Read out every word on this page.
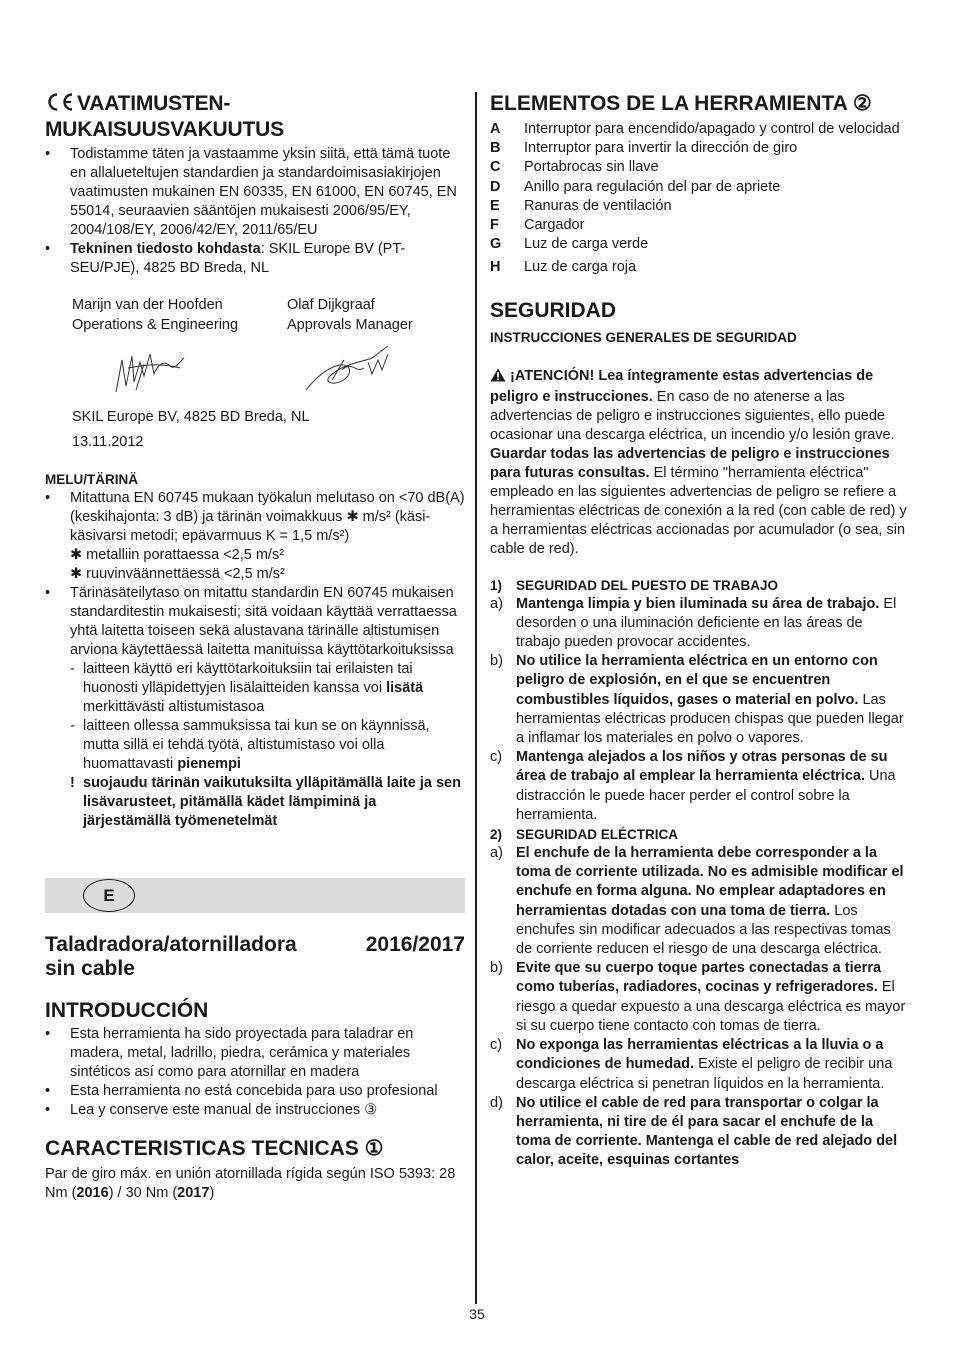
VAATIMUSTEN-
MUKAISUUSVAKUUTUS
• Todistamme täten ja vastaamme yksin siitä, että tämä tuote en allalueteltujen standardien ja standardoimisasiakirjojen vaatimusten mukainen EN 60335, EN 61000, EN 60745, EN 55014, seuraavien sääntöjen mukaisesti 2006/95/EY, 2004/108/EY, 2006/42/EY, 2011/65/EU
• Tekninen tiedosto kohdasta: SKIL Europe BV (PT-SEU/PJE), 4825 BD Breda, NL
Marijn van der Hoofden
Operations & Engineering
Olaf Dijkgraaf
Approvals Manager
SKIL Europe BV, 4825 BD Breda, NL
13.11.2012
MELU/TÄRINÄ
• Mitattuna EN 60745 mukaan työkalun melutaso on <70 dB(A) (keskihajonta: 3 dB) ja tärinän voimakkuus ✱ m/s² (käsi-käsivarsi metodi; epävarmuus K = 1,5 m/s²)
✱ metalliin porattaessa <2,5 m/s²
✱ ruuvinväännettäessä <2,5 m/s²
• Tärinäsäteilytaso on mitattu standardin EN 60745 mukaisen standarditestin mukaisesti; sitä voidaan käyttää verrattaessa yhtä laitetta toiseen sekä alustavana tärinälle altistumisen arviona käytettäessä laitetta manituissa käyttötarkoituksissa
- laitteen käyttö eri käyttötarkoituksiin tai erilaisten tai huonosti ylläpidettyjen lisälaitteiden kanssa voi lisätä merkittävästi altistumistasoa
- laitteen ollessa sammuksissa tai kun se on käynnissä, mutta sillä ei tehdä työtä, altistumistaso voi olla huomattavasti pienempi
! suojaudu tärinän vaikutuksilta ylläpitämällä laite ja sen lisävarusteet, pitämällä kädet lämpiminä ja järjestämällä työmenetelmät
E
Taladradora/atornilladora	2016/2017
sin cable
INTRODUCCIÓN
• Esta herramienta ha sido proyectada para taladrar en madera, metal, ladrillo, piedra, cerámica y materiales sintéticos así como para atornillar en madera
• Esta herramienta no está concebida para uso profesional
• Lea y conserve este manual de instrucciones ③
CARACTERISTICAS TECNICAS ①

Par de giro máx. en unión atornillada rígida según ISO 5393: 28 Nm (2016) / 30 Nm (2017)

ELEMENTOS DE LA HERRAMIENTA ②
A Interruptor para encendido/apagado y control de velocidad
B Interruptor para invertir la dirección de giro
C Portabrocas sin llave
D Anillo para regulación del par de apriete
E Ranuras de ventilación
F Cargador
G Luz de carga verde
H Luz de carga roja
SEGURIDAD
INSTRUCCIONES GENERALES DE SEGURIDAD

¡ATENCIÓN! Lea íntegramente estas advertencias de peligro e instrucciones. En caso de no atenerse a las advertencias de peligro e instrucciones siguientes, ello puede ocasionar una descarga eléctrica, un incendio y/o lesión grave. Guardar todas las advertencias de peligro e instrucciones para futuras consultas. El término "herramienta eléctrica" empleado en las siguientes advertencias de peligro se refiere a herramientas eléctricas de conexión a la red (con cable de red) y a herramientas eléctricas accionadas por acumulador (o sea, sin cable de red).

1) SEGURIDAD DEL PUESTO DE TRABAJO
a) Mantenga limpia y bien iluminada su área de trabajo. El desorden o una iluminación deficiente en las áreas de trabajo pueden provocar accidentes.
b) No utilice la herramienta eléctrica en un entorno con peligro de explosión, en el que se encuentren combustibles líquidos, gases o material en polvo. Las herramientas eléctricas producen chispas que pueden llegar a inflamar los materiales en polvo o vapores.
c) Mantenga alejados a los niños y otras personas de su área de trabajo al emplear la herramienta eléctrica. Una distracción le puede hacer perder el control sobre la herramienta.
2) SEGURIDAD ELÉCTRICA
a) El enchufe de la herramienta debe corresponder a la toma de corriente utilizada. No es admisible modificar el enchufe en forma alguna. No emplear adaptadores en herramientas dotadas con una toma de tierra. Los enchufes sin modificar adecuados a las respectivas tomas de corriente reducen el riesgo de una descarga eléctrica.
b) Evite que su cuerpo toque partes conectadas a tierra como tuberías, radiadores, cocinas y refrigeradores. El riesgo a quedar expuesto a una descarga eléctrica es mayor si su cuerpo tiene contacto con tomas de tierra.
c) No exponga las herramientas eléctricas a la lluvia o a condiciones de humedad. Existe el peligro de recibir una descarga eléctrica si penetran líquidos en la herramienta.
d) No utilice el cable de red para transportar o colgar la herramienta, ni tire de él para sacar el enchufe de la toma de corriente. Mantenga el cable de red alejado del calor, aceite, esquinas cortantes
35
